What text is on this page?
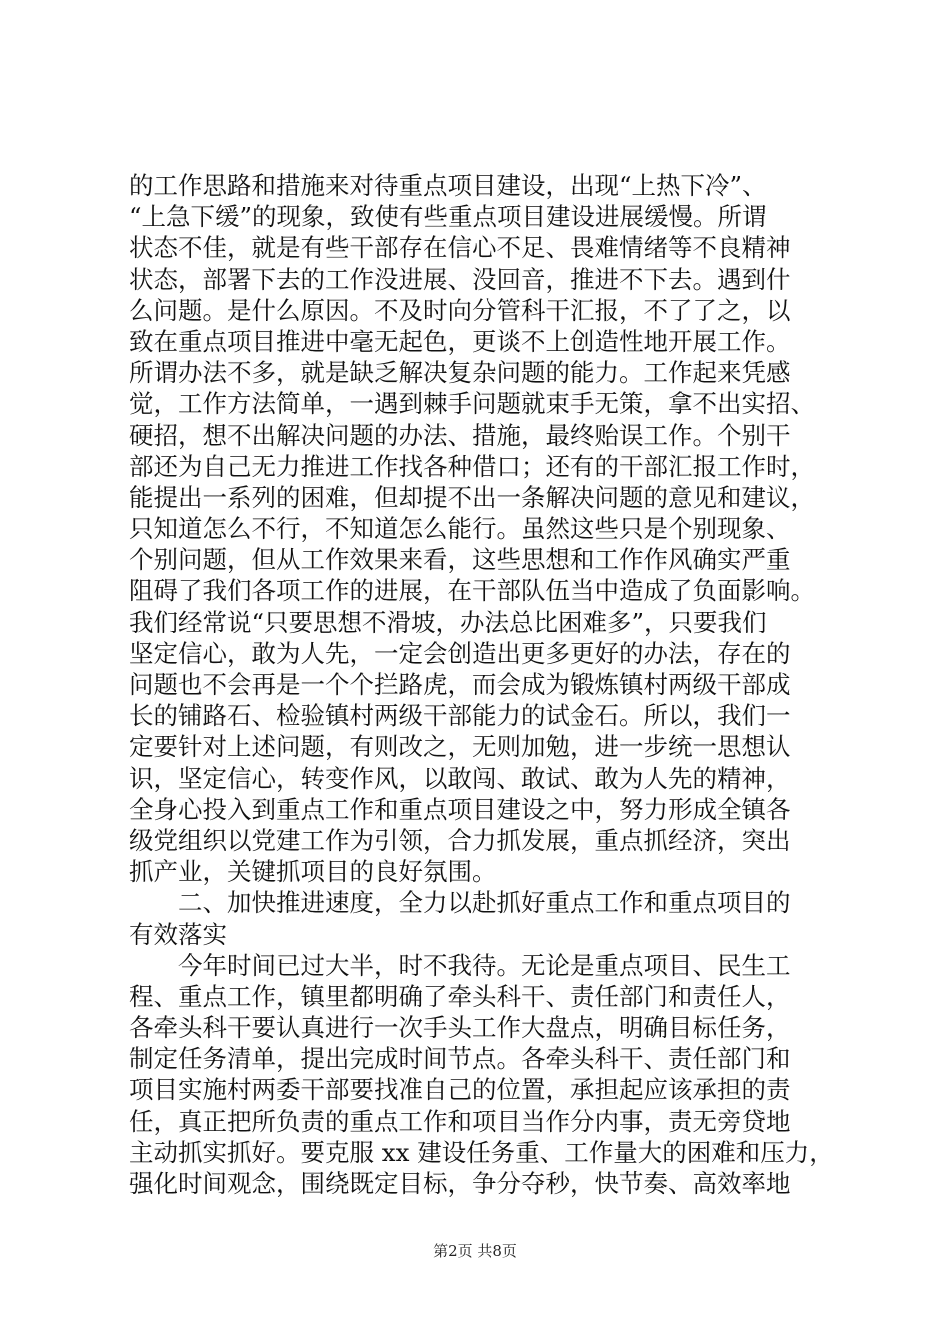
的工作思路和措施来对待重点项目建设，出现“上热下冷”、
“上急下缓”的现象，致使有些重点项目建设进展缓慢。所谓
状态不佳，就是有些干部存在信心不足、畏难情绪等不良精神
状态，部署下去的工作没进展、没回音，推进不下去。遇到什
么问题。是什么原因。不及时向分管科干汇报，不了了之，以
致在重点项目推进中毫无起色，更谈不上创造性地开展工作。
所谓办法不多，就是缺乏解决复杂问题的能力。工作起来凭感
觉，工作方法简单，一遇到棘手问题就束手无策，拿不出实招、
硬招，想不出解决问题的办法、措施，最终贻误工作。个别干
部还为自己无力推进工作找各种借口；还有的干部汇报工作时，
能提出一系列的困难，但却提不出一条解决问题的意见和建议，
只知道怎么不行，不知道怎么能行。虽然这些只是个别现象、
个别问题，但从工作效果来看，这些思想和工作作风确实严重
阻碍了我们各项工作的进展，在干部队伍当中造成了负面影响。
我们经常说“只要思想不滑坡，办法总比困难多”，只要我们
坚定信心，敢为人先，一定会创造出更多更好的办法，存在的
问题也不会再是一个个拦路虎，而会成为锻炼镇村两级干部成
长的铺路石、检验镇村两级干部能力的试金石。所以，我们一
定要针对上述问题，有则改之，无则加勉，进一步统一思想认
识，坚定信心，转变作风，以敢闯、敢试、敢为人先的精神，
全身心投入到重点工作和重点项目建设之中，努力形成全镇各
级党组织以党建工作为引领，合力抓发展，重点抓经济，突出
抓产业，关键抓项目的良好氛围。
　　二、加快推进速度，全力以赴抓好重点工作和重点项目的
有效落实
　　今年时间已过大半，时不我待。无论是重点项目、民生工
程、重点工作，镇里都明确了牵头科干、责任部门和责任人，
各牵头科干要认真进行一次手头工作大盘点，明确目标任务，
制定任务清单，提出完成时间节点。各牵头科干、责任部门和
项目实施村两委干部要找准自己的位置，承担起应该承担的责
任，真正把所负责的重点工作和项目当作分内事，责无旁贷地
主动抓实抓好。要克服 xx 建设任务重、工作量大的困难和压力，
强化时间观念，围绕既定目标，争分夺秒，快节奏、高效率地
第2页 共8页
